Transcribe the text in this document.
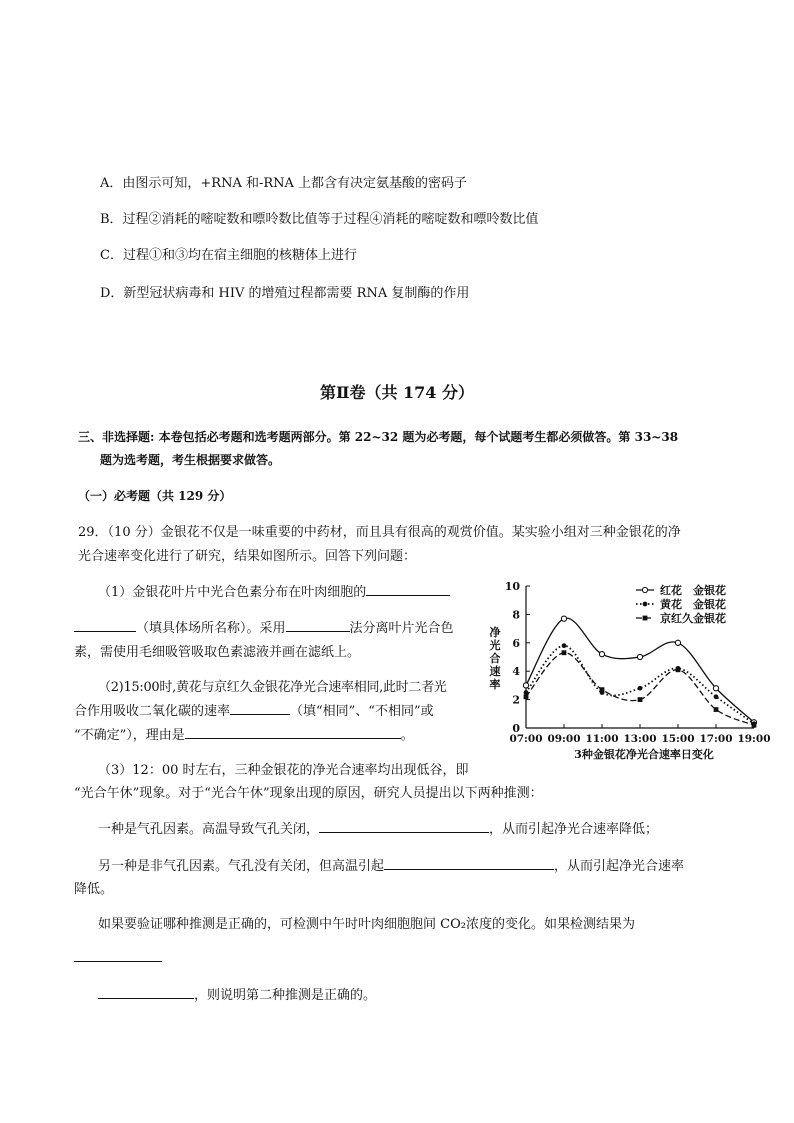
A．由图示可知，+RNA 和-RNA 上都含有决定氨基酸的密码子
B．过程②消耗的嘧啶数和嘌呤数比值等于过程④消耗的嘧啶数和嘌呤数比值
C．过程①和③均在宿主细胞的核糖体上进行
D．新型冠状病毒和 HIV 的增殖过程都需要 RNA 复制酶的作用
第Ⅱ卷（共 174 分）
三、非选择题: 本卷包括必考题和选考题两部分。第 22~32 题为必考题，每个试题考生都必须做答。第 33~38
题为选考题，考生根据要求做答。
（一）必考题（共 129 分）
29．（10 分）金银花不仅是一味重要的中药材，而且具有很高的观赏价值。某实验小组对三种金银花的净
光合速率变化进行了研究，结果如图所示。回答下列问题：
（1）金银花叶片中光合色素分布在叶肉细胞的
（填具体场所名称）。采用	法分离叶片光合色
素，需使用毛细吸管吸取色素滤液并画在滤纸上。
（2)15:00时,黄花与京红久金银花净光合速率相同,此时二者光
合作用吸收二氧化碳的速率	（填“相同”、“不相同”或
“不确定”），理由是	。	0
2
4
6
8
10
07:00 09:00 11:00 13:00 15:00 17:00 19:00
净
光
合
速
率
3种金银花净光合速率日变化
红花　金银花
黄花　金银花
京红久金银花
（3）12：00 时左右，三种金银花的净光合速率均出现低谷，即
“光合午休”现象。对于“光合午休”现象出现的原因，研究人员提出以下两种推测：
一种是气孔因素。高温导致气孔关闭，	，从而引起净光合速率降低；
另一种是非气孔因素。气孔没有关闭，但高温引起	，从而引起净光合速率
降低。
如果要验证哪种推测是正确的，可检测中午时叶肉细胞胞间 CO₂浓度的变化。如果检测结果为
，则说明第二种推测是正确的。
